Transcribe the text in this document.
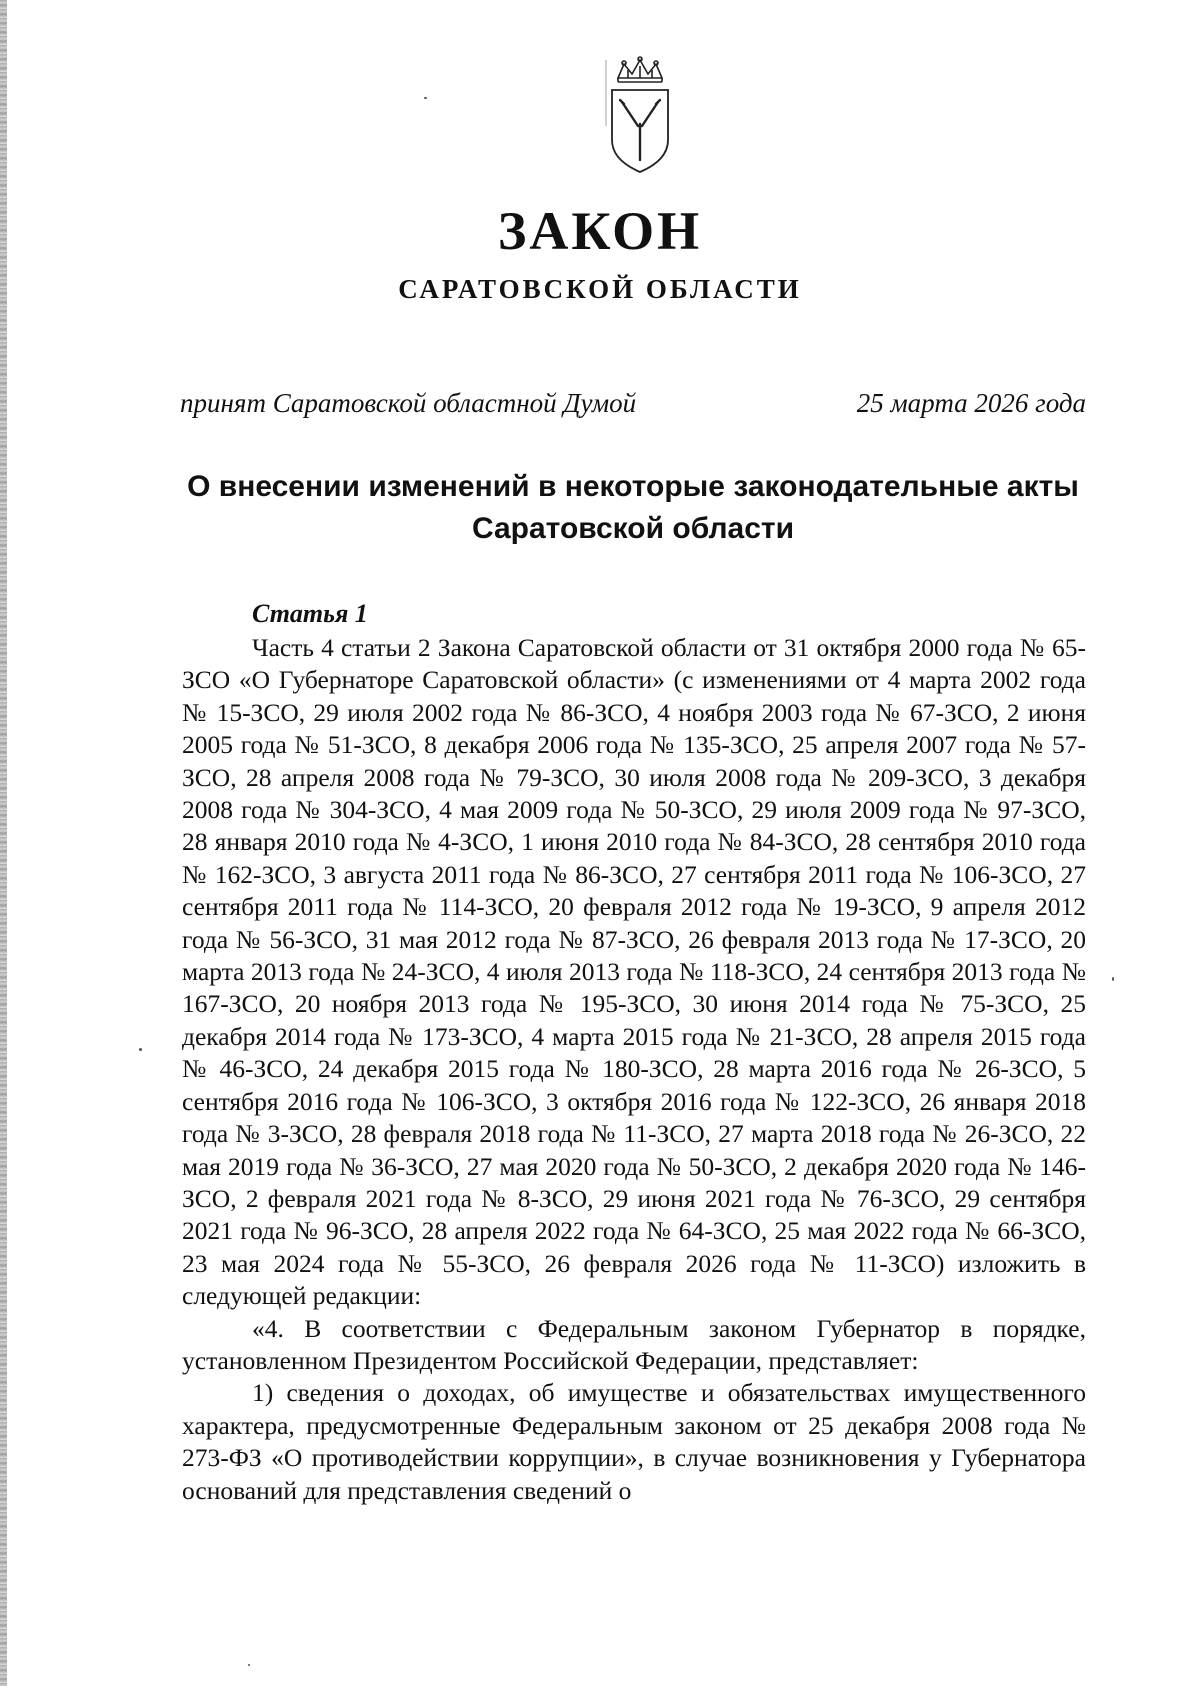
ЗАКОН
САРАТОВСКОЙ ОБЛАСТИ
принят Саратовской областной Думой	25 марта 2026 года
О внесении изменений в некоторые законодательные акты Саратовской области
Статья 1

Часть 4 статьи 2 Закона Саратовской области от 31 октября 2000 года № 65-ЗСО «О Губернаторе Саратовской области» (с изменениями от 4 марта 2002 года № 15-ЗСО, 29 июля 2002 года № 86-ЗСО, 4 ноября 2003 года № 67-ЗСО, 2 июня 2005 года № 51-ЗСО, 8 декабря 2006 года № 135-ЗСО, 25 апреля 2007 года № 57-ЗСО, 28 апреля 2008 года № 79-ЗСО, 30 июля 2008 года № 209-ЗСО, 3 декабря 2008 года № 304-ЗСО, 4 мая 2009 года № 50-ЗСО, 29 июля 2009 года № 97-ЗСО, 28 января 2010 года № 4-ЗСО, 1 июня 2010 года № 84-ЗСО, 28 сентября 2010 года № 162-ЗСО, 3 августа 2011 года № 86-ЗСО, 27 сентября 2011 года № 106-ЗСО, 27 сентября 2011 года № 114-ЗСО, 20 февраля 2012 года № 19-ЗСО, 9 апреля 2012 года № 56-ЗСО, 31 мая 2012 года № 87-ЗСО, 26 февраля 2013 года № 17-ЗСО, 20 марта 2013 года № 24-ЗСО, 4 июля 2013 года № 118-ЗСО, 24 сентября 2013 года № 167-ЗСО, 20 ноября 2013 года № 195-ЗСО, 30 июня 2014 года № 75-ЗСО, 25 декабря 2014 года № 173-ЗСО, 4 марта 2015 года № 21-ЗСО, 28 апреля 2015 года № 46-ЗСО, 24 декабря 2015 года № 180-ЗСО, 28 марта 2016 года № 26-ЗСО, 5 сентября 2016 года № 106-ЗСО, 3 октября 2016 года № 122-ЗСО, 26 января 2018 года № 3-ЗСО, 28 февраля 2018 года № 11-ЗСО, 27 марта 2018 года № 26-ЗСО, 22 мая 2019 года № 36-ЗСО, 27 мая 2020 года № 50-ЗСО, 2 декабря 2020 года № 146-ЗСО, 2 февраля 2021 года № 8-ЗСО, 29 июня 2021 года № 76-ЗСО, 29 сентября 2021 года № 96-ЗСО, 28 апреля 2022 года № 64-ЗСО, 25 мая 2022 года № 66-ЗСО, 23 мая 2024 года № 55-ЗСО, 26 февраля 2026 года № 11-ЗСО) изложить в следующей редакции:

«4. В соответствии с Федеральным законом Губернатор в порядке, установленном Президентом Российской Федерации, представляет:

1) сведения о доходах, об имуществе и обязательствах имущественного характера, предусмотренные Федеральным законом от 25 декабря 2008 года № 273-ФЗ «О противодействии коррупции», в случае возникновения у Губернатора оснований для представления сведений о
